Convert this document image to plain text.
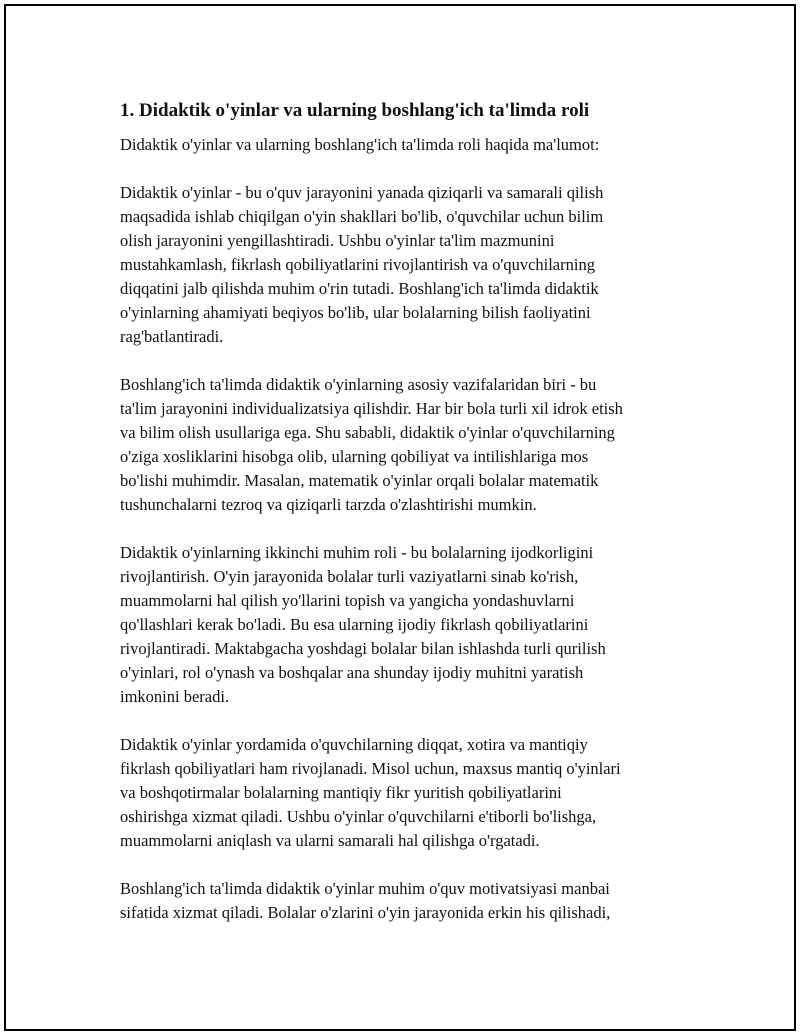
1. Didaktik o'yinlar va ularning boshlang'ich ta'limda roli

Didaktik o'yinlar va ularning boshlang'ich ta'limda roli haqida ma'lumot:

Didaktik o'yinlar - bu o'quv jarayonini yanada qiziqarli va samarali qilish
maqsadida ishlab chiqilgan o'yin shakllari bo'lib, o'quvchilar uchun bilim
olish jarayonini yengillashtiradi. Ushbu o'yinlar ta'lim mazmunini
mustahkamlash, fikrlash qobiliyatlarini rivojlantirish va o'quvchilarning
diqqatini jalb qilishda muhim o'rin tutadi. Boshlang'ich ta'limda didaktik
o'yinlarning ahamiyati beqiyos bo'lib, ular bolalarning bilish faoliyatini
rag'batlantiradi.

Boshlang'ich ta'limda didaktik o'yinlarning asosiy vazifalaridan biri - bu
ta'lim jarayonini individualizatsiya qilishdir. Har bir bola turli xil idrok etish
va bilim olish usullariga ega. Shu sababli, didaktik o'yinlar o'quvchilarning
o'ziga xosliklarini hisobga olib, ularning qobiliyat va intilishlariga mos
bo'lishi muhimdir. Masalan, matematik o'yinlar orqali bolalar matematik
tushunchalarni tezroq va qiziqarli tarzda o'zlashtirishi mumkin.

Didaktik o'yinlarning ikkinchi muhim roli - bu bolalarning ijodkorligini
rivojlantirish. O'yin jarayonida bolalar turli vaziyatlarni sinab ko'rish,
muammolarni hal qilish yo'llarini topish va yangicha yondashuvlarni
qo'llashlari kerak bo'ladi. Bu esa ularning ijodiy fikrlash qobiliyatlarini
rivojlantiradi. Maktabgacha yoshdagi bolalar bilan ishlashda turli qurilish
o'yinlari, rol o'ynash va boshqalar ana shunday ijodiy muhitni yaratish
imkonini beradi.

Didaktik o'yinlar yordamida o'quvchilarning diqqat, xotira va mantiqiy
fikrlash qobiliyatlari ham rivojlanadi. Misol uchun, maxsus mantiq o'yinlari
va boshqotirmalar bolalarning mantiqiy fikr yuritish qobiliyatlarini
oshirishga xizmat qiladi. Ushbu o'yinlar o'quvchilarni e'tiborli bo'lishga,
muammolarni aniqlash va ularni samarali hal qilishga o'rgatadi.

Boshlang'ich ta'limda didaktik o'yinlar muhim o'quv motivatsiyasi manbai
sifatida xizmat qiladi. Bolalar o'zlarini o'yin jarayonida erkin his qilishadi,
